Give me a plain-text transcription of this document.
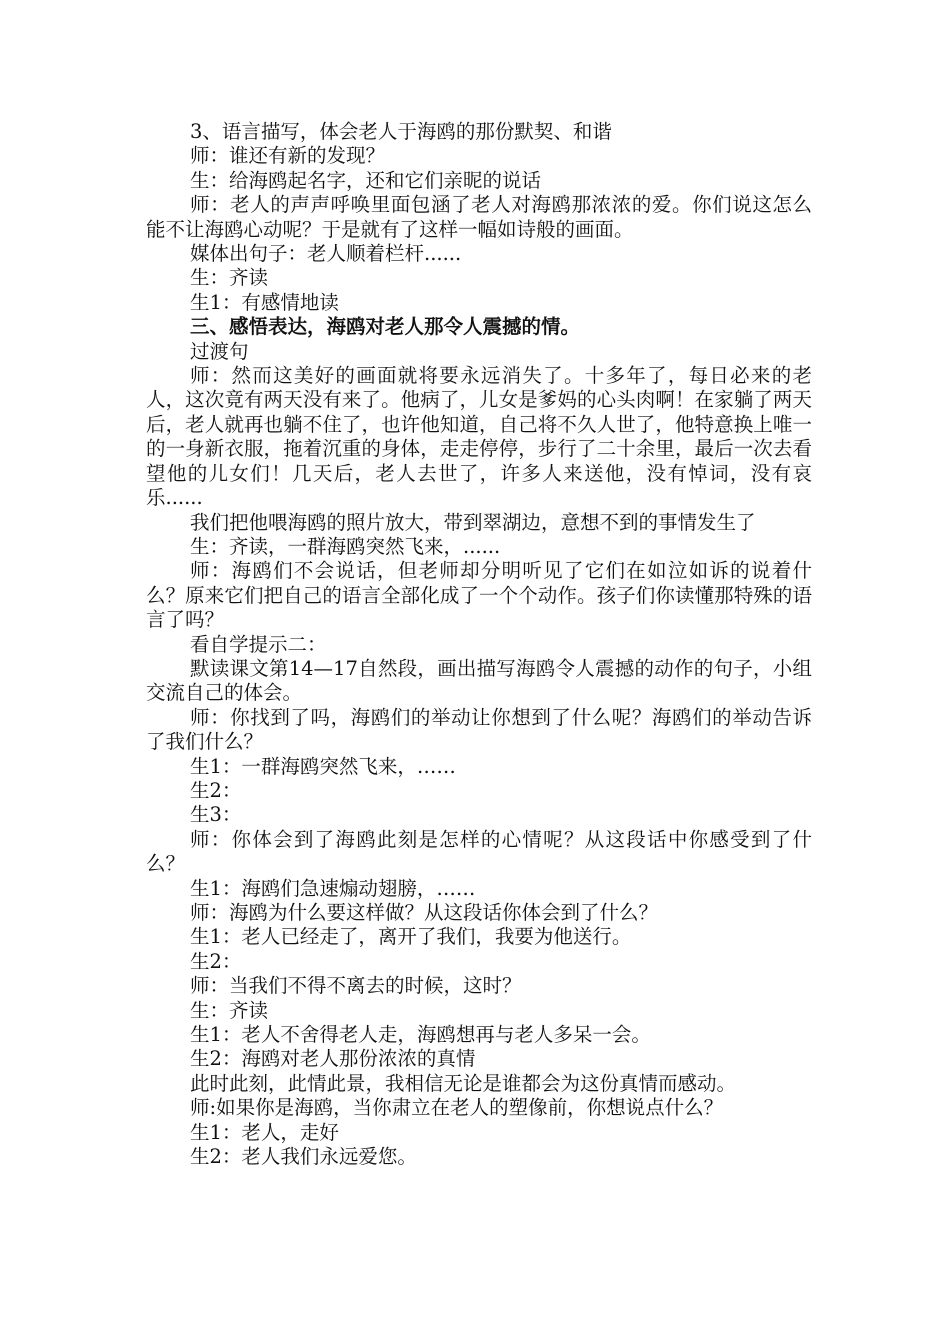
3、语言描写，体会老人于海鸥的那份默契、和谐

师：谁还有新的发现？

生：给海鸥起名字，还和它们亲昵的说话

师：老人的声声呼唤里面包涵了老人对海鸥那浓浓的爱。你们说这怎么能不让海鸥心动呢？于是就有了这样一幅如诗般的画面。

媒体出句子：老人顺着栏杆......

生：齐读

生1：有感情地读

三、感悟表达，海鸥对老人那令人震撼的情。

过渡句

师：然而这美好的画面就将要永远消失了。十多年了，每日必来的老人，这次竟有两天没有来了。他病了，儿女是爹妈的心头肉啊！在家躺了两天后，老人就再也躺不住了，也许他知道，自己将不久人世了，他特意换上唯一的一身新衣服，拖着沉重的身体，走走停停，步行了二十余里，最后一次去看望他的儿女们！几天后，老人去世了，许多人来送他，没有悼词，没有哀乐......

我们把他喂海鸥的照片放大，带到翠湖边，意想不到的事情发生了

生：齐读，一群海鸥突然飞来，......

师：海鸥们不会说话，但老师却分明听见了它们在如泣如诉的说着什么？原来它们把自己的语言全部化成了一个个动作。孩子们你读懂那特殊的语言了吗？

看自学提示二：

默读课文第14—17自然段，画出描写海鸥令人震撼的动作的句子，小组交流自己的体会。

师：你找到了吗，海鸥们的举动让你想到了什么呢？海鸥们的举动告诉了我们什么？

生1：一群海鸥突然飞来，……

生2：

生3：

师：你体会到了海鸥此刻是怎样的心情呢？从这段话中你感受到了什么？

生1：海鸥们急速煽动翅膀，……

师：海鸥为什么要这样做？从这段话你体会到了什么？

生1：老人已经走了，离开了我们，我要为他送行。

生2：

师：当我们不得不离去的时候，这时？

生：齐读

生1：老人不舍得老人走，海鸥想再与老人多呆一会。

生2：海鸥对老人那份浓浓的真情

此时此刻，此情此景，我相信无论是谁都会为这份真情而感动。

师:如果你是海鸥，当你肃立在老人的塑像前，你想说点什么？

生1：老人，走好

生2：老人我们永远爱您。
